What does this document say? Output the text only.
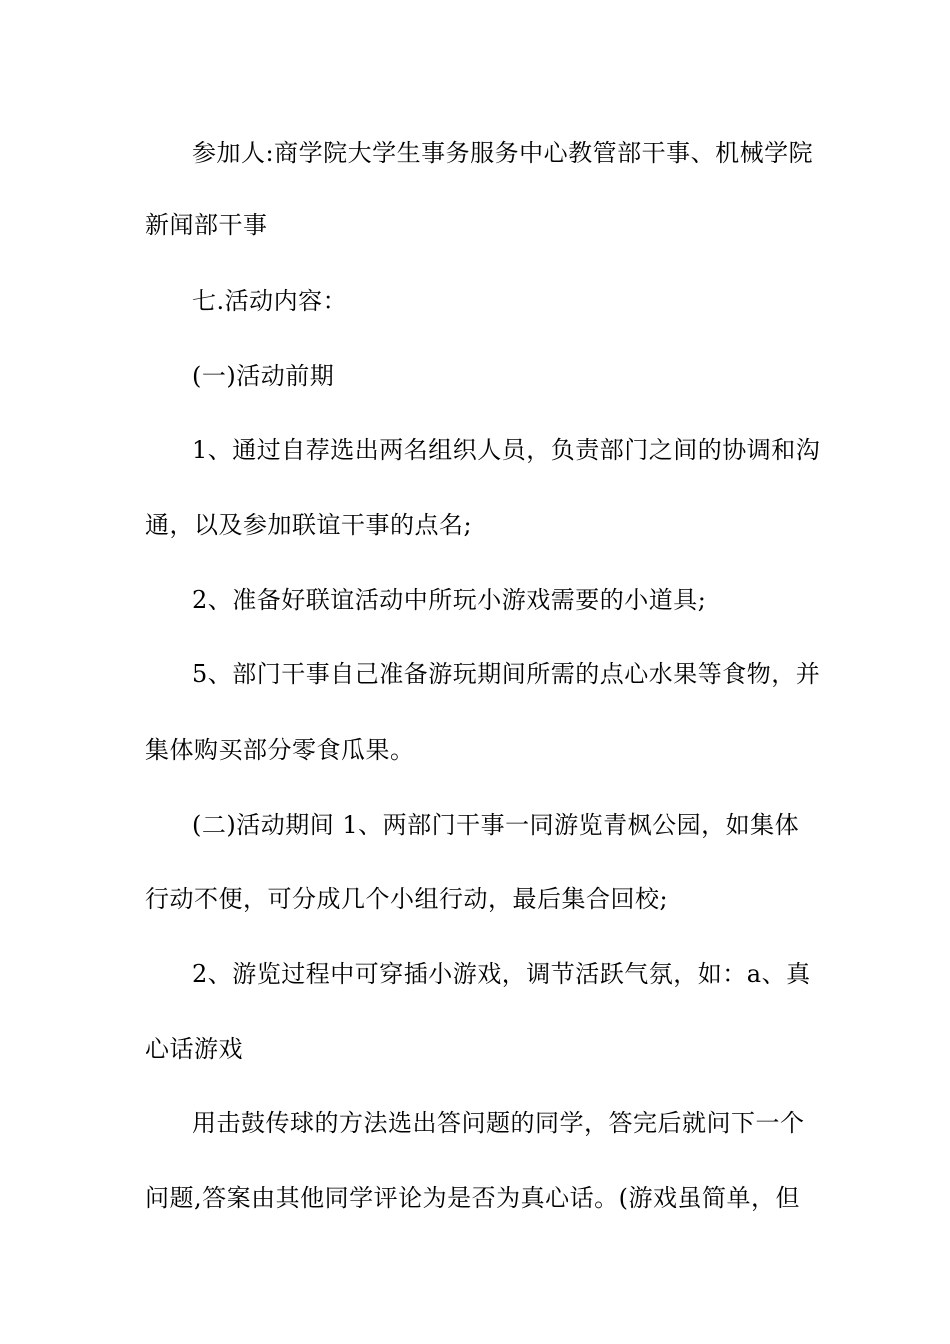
参加人:商学院大学生事务服务中心教管部干事、机械学院
新闻部干事
七.活动内容：
(一)活动前期
1、通过自荐选出两名组织人员，负责部门之间的协调和沟
通，以及参加联谊干事的点名;
2、准备好联谊活动中所玩小游戏需要的小道具;
5、部门干事自己准备游玩期间所需的点心水果等食物，并
集体购买部分零食瓜果。
(二)活动期间 1、两部门干事一同游览青枫公园，如集体
行动不便，可分成几个小组行动，最后集合回校;
2、游览过程中可穿插小游戏，调节活跃气氛，如：a、真
心话游戏
用击鼓传球的方法选出答问题的同学，答完后就问下一个
问题,答案由其他同学评论为是否为真心话。(游戏虽简单，但
